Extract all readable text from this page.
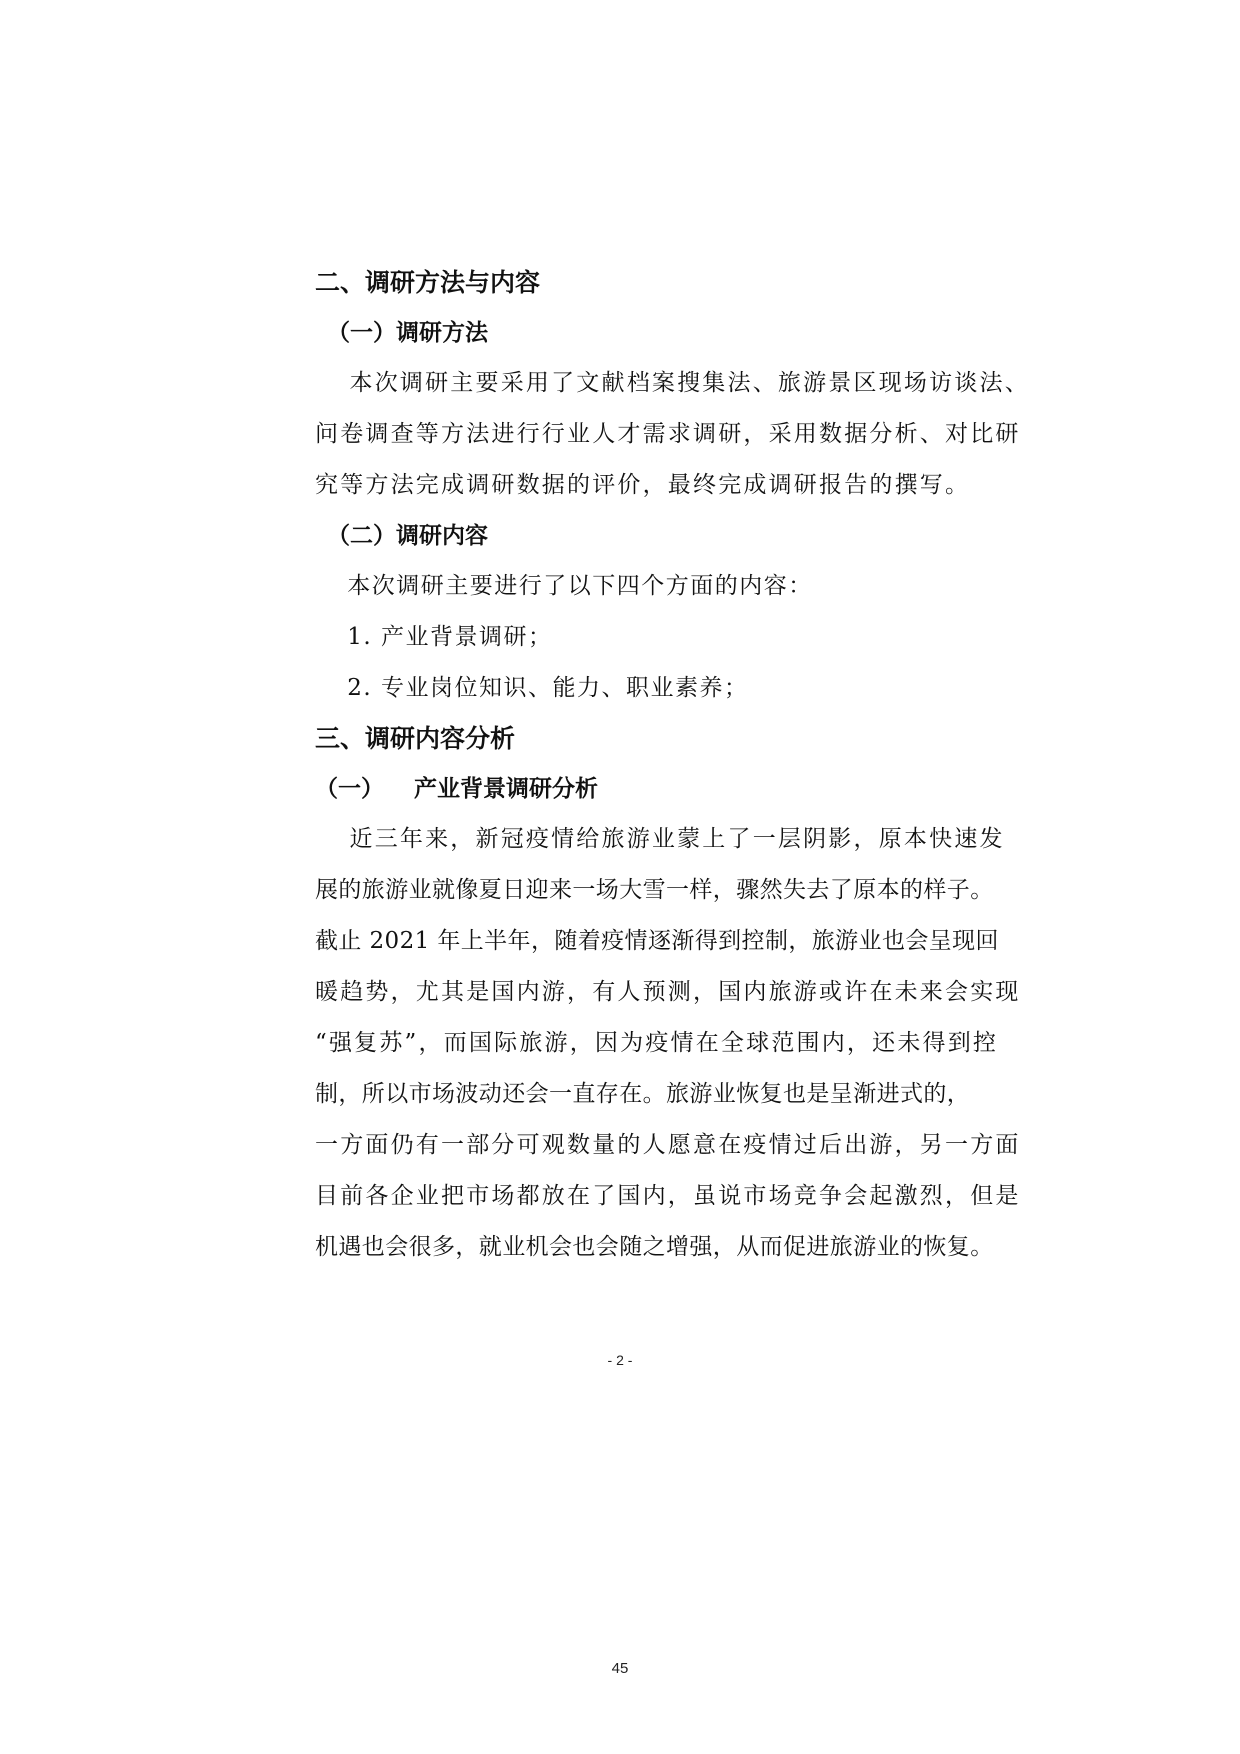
二、调研方法与内容
（一）调研方法
本次调研主要采用了文献档案搜集法、旅游景区现场访谈法、
问卷调查等方法进行行业人才需求调研，采用数据分析、对比研
究等方法完成调研数据的评价，最终完成调研报告的撰写。
（二）调研内容
本次调研主要进行了以下四个方面的内容：
1. 产业背景调研；
2. 专业岗位知识、能力、职业素养；
三、调研内容分析
（一） 产业背景调研分析
近三年来，新冠疫情给旅游业蒙上了一层阴影，原本快速发
展的旅游业就像夏日迎来一场大雪一样，骤然失去了原本的样子。
截止 2021 年上半年，随着疫情逐渐得到控制，旅游业也会呈现回
暖趋势，尤其是国内游，有人预测，国内旅游或许在未来会实现
“强复苏”，而国际旅游，因为疫情在全球范围内，还未得到控
制，所以市场波动还会一直存在。旅游业恢复也是呈渐进式的，
一方面仍有一部分可观数量的人愿意在疫情过后出游，另一方面
目前各企业把市场都放在了国内，虽说市场竞争会起激烈，但是
机遇也会很多，就业机会也会随之增强，从而促进旅游业的恢复。
- 2 -
45
